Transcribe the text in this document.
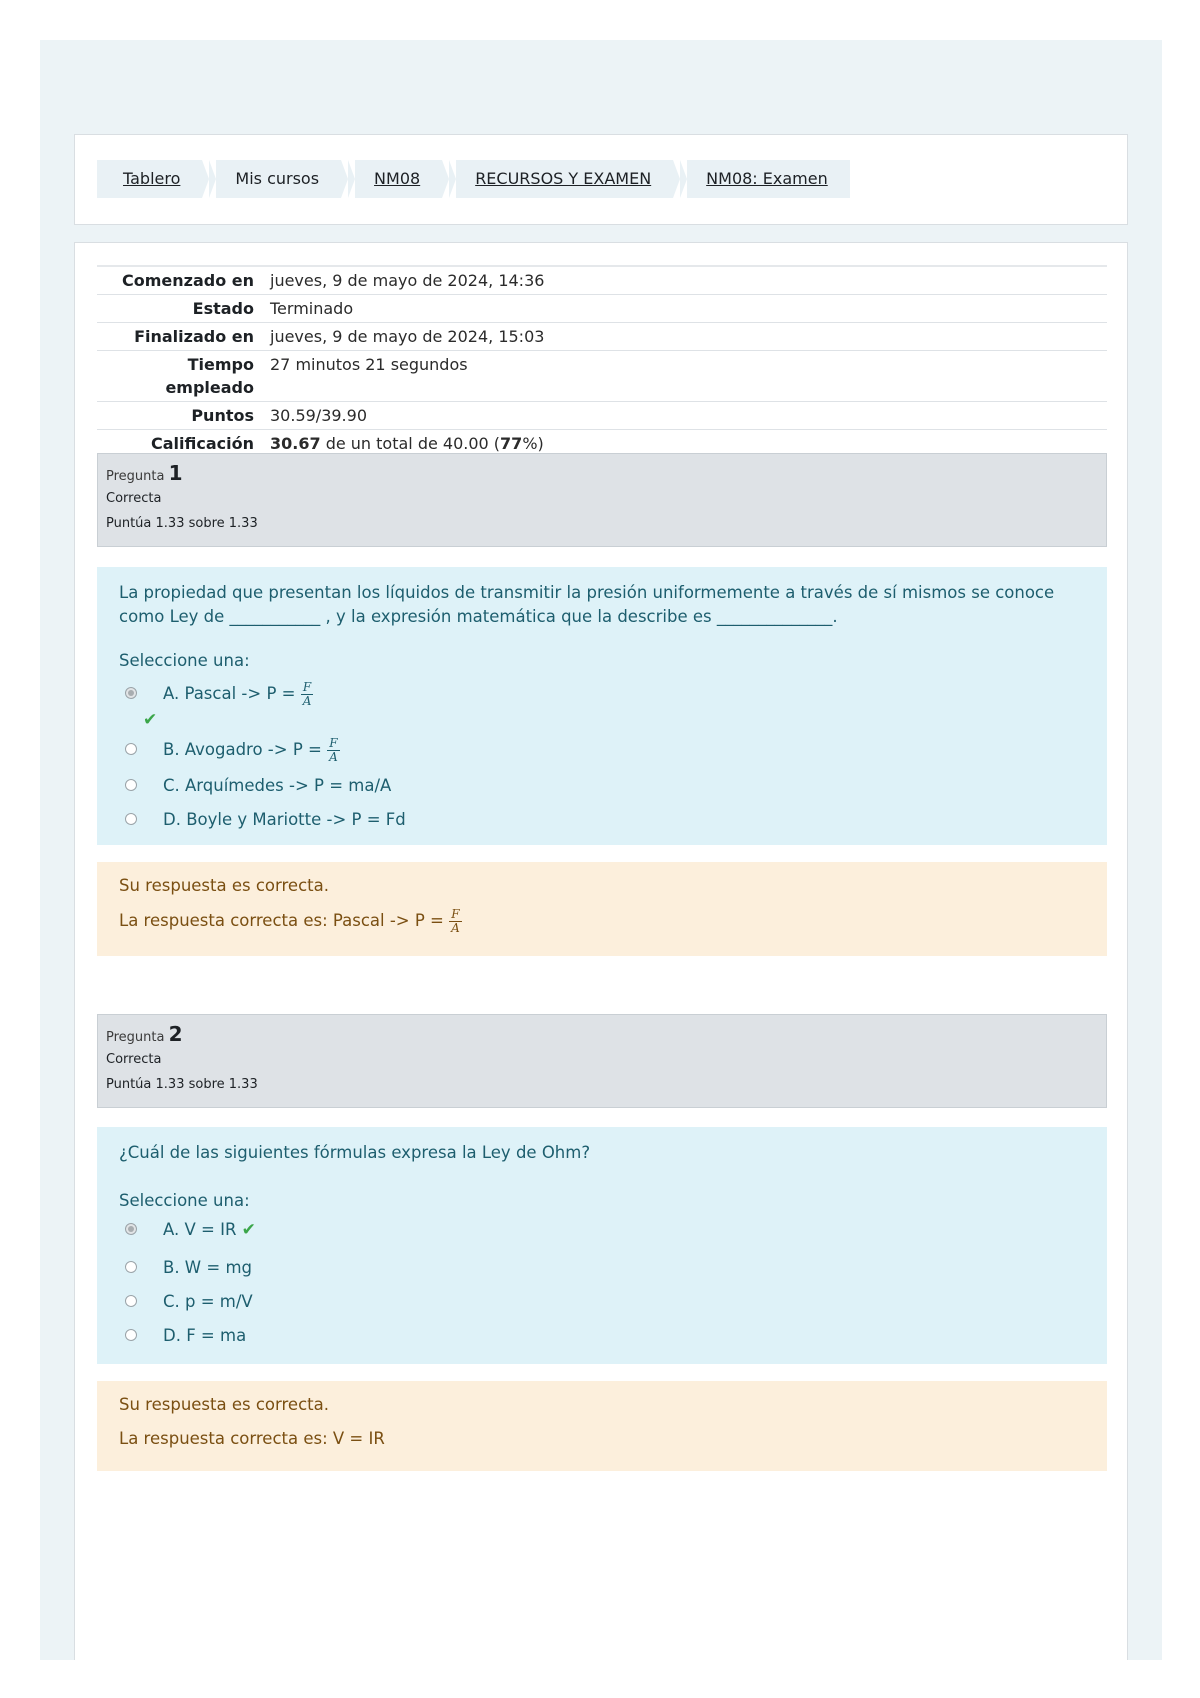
Tablero	Mis cursos	NM08	RECURSOS Y EXAMEN	NM08: Examen
Comenzado en	jueves, 9 de mayo de 2024, 14:36
Estado	Terminado
Finalizado en	jueves, 9 de mayo de 2024, 15:03
Tiempo empleado	27 minutos 21 segundos
Puntos	30.59/39.90
Calificación	30.67 de un total de 40.00 (77%)
Pregunta 1
Correcta
Puntúa 1.33 sobre 1.33
La propiedad que presentan los líquidos de transmitir la presión uniformemente a través de sí mismos se conoce como Ley de ___________ , y la expresión matemática que la describe es ______________.
Seleccione una:
A. Pascal -> $P = \frac{F}{A}$
✔
B. Avogadro -> $P = \frac{F}{A}$
C. Arquímedes -> P = ma/A
D. Boyle y Mariotte -> P = Fd

Su respuesta es correcta.

La respuesta correcta es: Pascal -> $P = \frac{F}{A}$

Pregunta 2
Correcta
Puntúa 1.33 sobre 1.33
¿Cuál de las siguientes fórmulas expresa la Ley de Ohm?
Seleccione una:
A. V = IR ✔
B. W = mg
C. p = m/V
D. F = ma

Su respuesta es correcta.

La respuesta correcta es: V = IR
